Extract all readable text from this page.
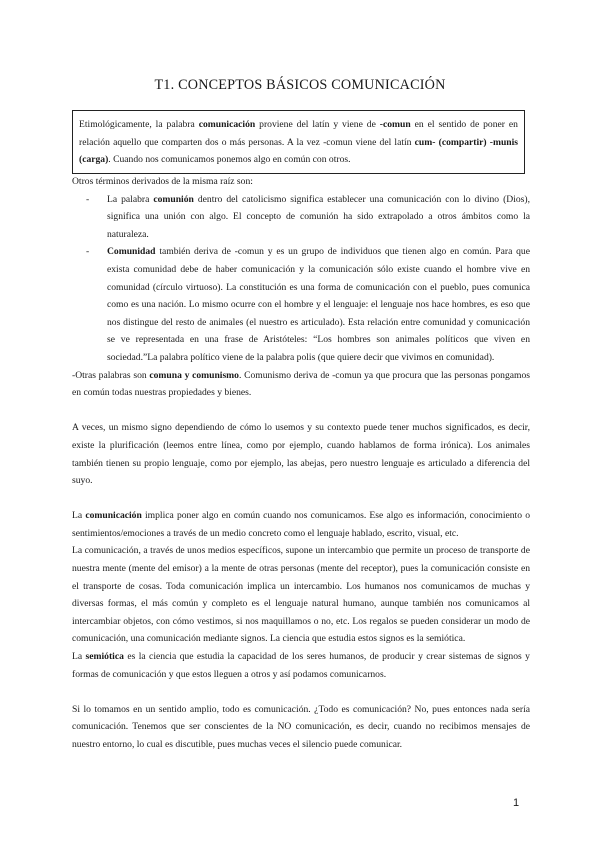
T1. CONCEPTOS BÁSICOS COMUNICACIÓN
Etimológicamente, la palabra comunicación proviene del latín y viene de -comun en el sentido de poner en relación aquello que comparten dos o más personas. A la vez -comun viene del latín cum- (compartir) -munis (carga). Cuando nos comunicamos ponemos algo en común con otros.

Otros términos derivados de la misma raíz son:

- La palabra comunión dentro del catolicismo significa establecer una comunicación con lo divino (Dios), significa una unión con algo. El concepto de comunión ha sido extrapolado a otros ámbitos como la naturaleza.
- Comunidad también deriva de -comun y es un grupo de individuos que tienen algo en común. Para que exista comunidad debe de haber comunicación y la comunicación sólo existe cuando el hombre vive en comunidad (círculo virtuoso). La constitución es una forma de comunicación con el pueblo, pues comunica como es una nación. Lo mismo ocurre con el hombre y el lenguaje: el lenguaje nos hace hombres, es eso que nos distingue del resto de animales (el nuestro es articulado). Esta relación entre comunidad y comunicación se ve representada en una frase de Aristóteles: “Los hombres son animales políticos que viven en sociedad.”La palabra político viene de la palabra polis (que quiere decir que vivimos en comunidad).

-Otras palabras son comuna y comunismo. Comunismo deriva de -comun ya que procura que las personas pongamos en común todas nuestras propiedades y bienes.

A veces, un mismo signo dependiendo de cómo lo usemos y su contexto puede tener muchos significados, es decir, existe la plurificación (leemos entre línea, como por ejemplo, cuando hablamos de forma irónica). Los animales también tienen su propio lenguaje, como por ejemplo, las abejas, pero nuestro lenguaje es articulado a diferencia del suyo.

La comunicación implica poner algo en común cuando nos comunicamos. Ese algo es información, conocimiento o sentimientos/emociones a través de un medio concreto como el lenguaje hablado, escrito, visual, etc.

La comunicación, a través de unos medios específicos, supone un intercambio que permite un proceso de transporte de nuestra mente (mente del emisor) a la mente de otras personas (mente del receptor), pues la comunicación consiste en el transporte de cosas. Toda comunicación implica un intercambio. Los humanos nos comunicamos de muchas y diversas formas, el más común y completo es el lenguaje natural humano, aunque también nos comunicamos al intercambiar objetos, con cómo vestimos, si nos maquillamos o no, etc. Los regalos se pueden considerar un modo de comunicación, una comunicación mediante signos. La ciencia que estudia estos signos es la semiótica.

La semiótica es la ciencia que estudia la capacidad de los seres humanos, de producir y crear sistemas de signos y formas de comunicación y que estos lleguen a otros y así podamos comunicarnos.

Si lo tomamos en un sentido amplio, todo es comunicación. ¿Todo es comunicación? No, pues entonces nada sería comunicación. Tenemos que ser conscientes de la NO comunicación, es decir, cuando no recibimos mensajes de nuestro entorno, lo cual es discutible, pues muchas veces el silencio puede comunicar.

1
